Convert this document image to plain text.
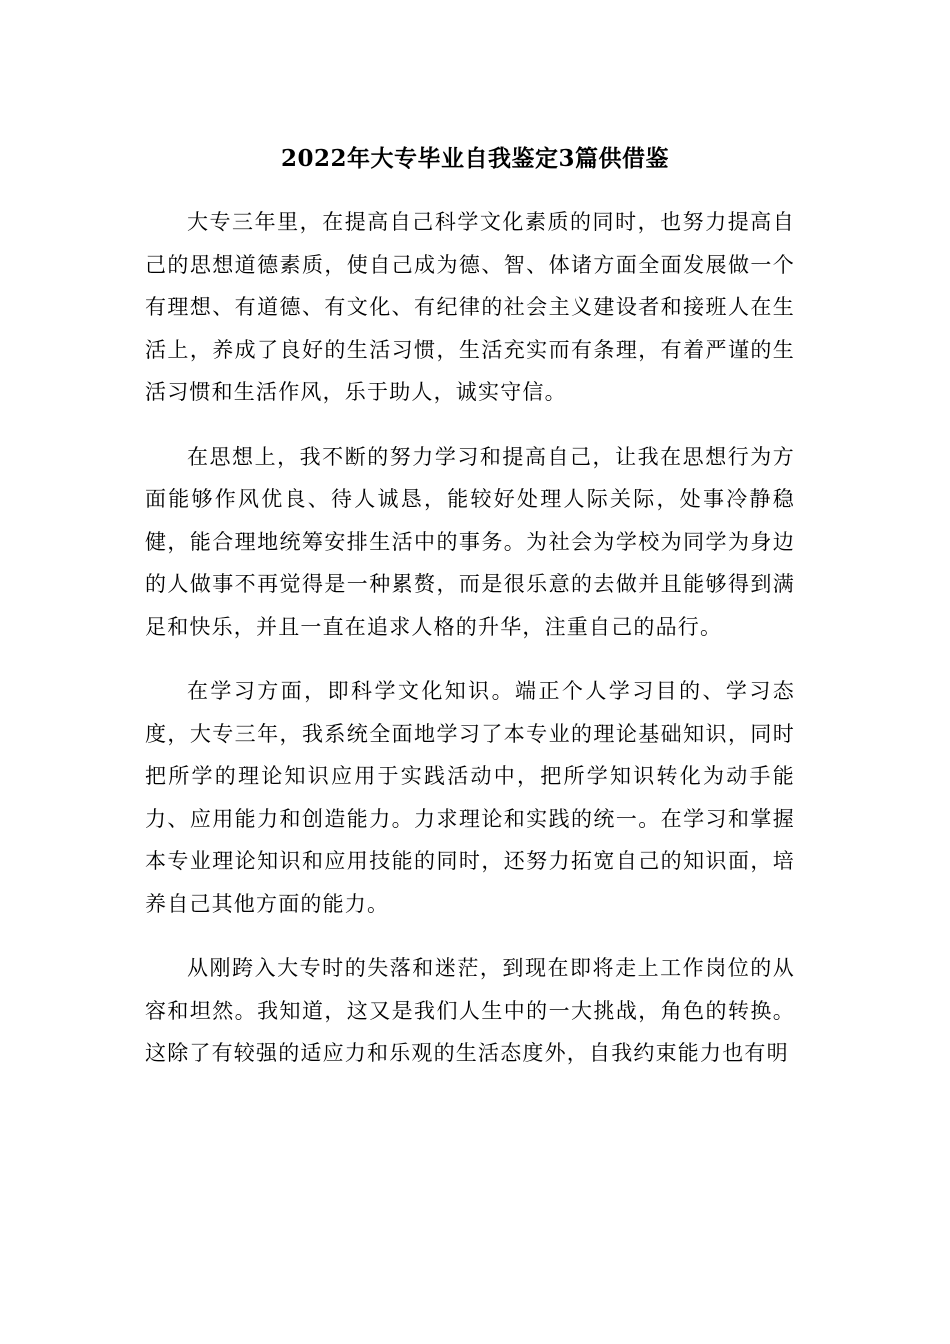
2022年大专毕业自我鉴定3篇供借鉴

大专三年里，在提高自己科学文化素质的同时，也努力提高自己的思想道德素质，使自己成为德、智、体诸方面全面发展做一个有理想、有道德、有文化、有纪律的社会主义建设者和接班人在生活上，养成了良好的生活习惯，生活充实而有条理，有着严谨的生活习惯和生活作风，乐于助人，诚实守信。

在思想上，我不断的努力学习和提高自己，让我在思想行为方面能够作风优良、待人诚恳，能较好处理人际关际，处事冷静稳健，能合理地统筹安排生活中的事务。为社会为学校为同学为身边的人做事不再觉得是一种累赘，而是很乐意的去做并且能够得到满足和快乐，并且一直在追求人格的升华，注重自己的品行。

在学习方面，即科学文化知识。端正个人学习目的、学习态度，大专三年，我系统全面地学习了本专业的理论基础知识，同时把所学的理论知识应用于实践活动中，把所学知识转化为动手能力、应用能力和创造能力。力求理论和实践的统一。在学习和掌握本专业理论知识和应用技能的同时，还努力拓宽自己的知识面，培养自己其他方面的能力。

从刚跨入大专时的失落和迷茫，到现在即将走上工作岗位的从容和坦然。我知道，这又是我们人生中的一大挑战，角色的转换。这除了有较强的适应力和乐观的生活态度外，自我约束能力也有明
